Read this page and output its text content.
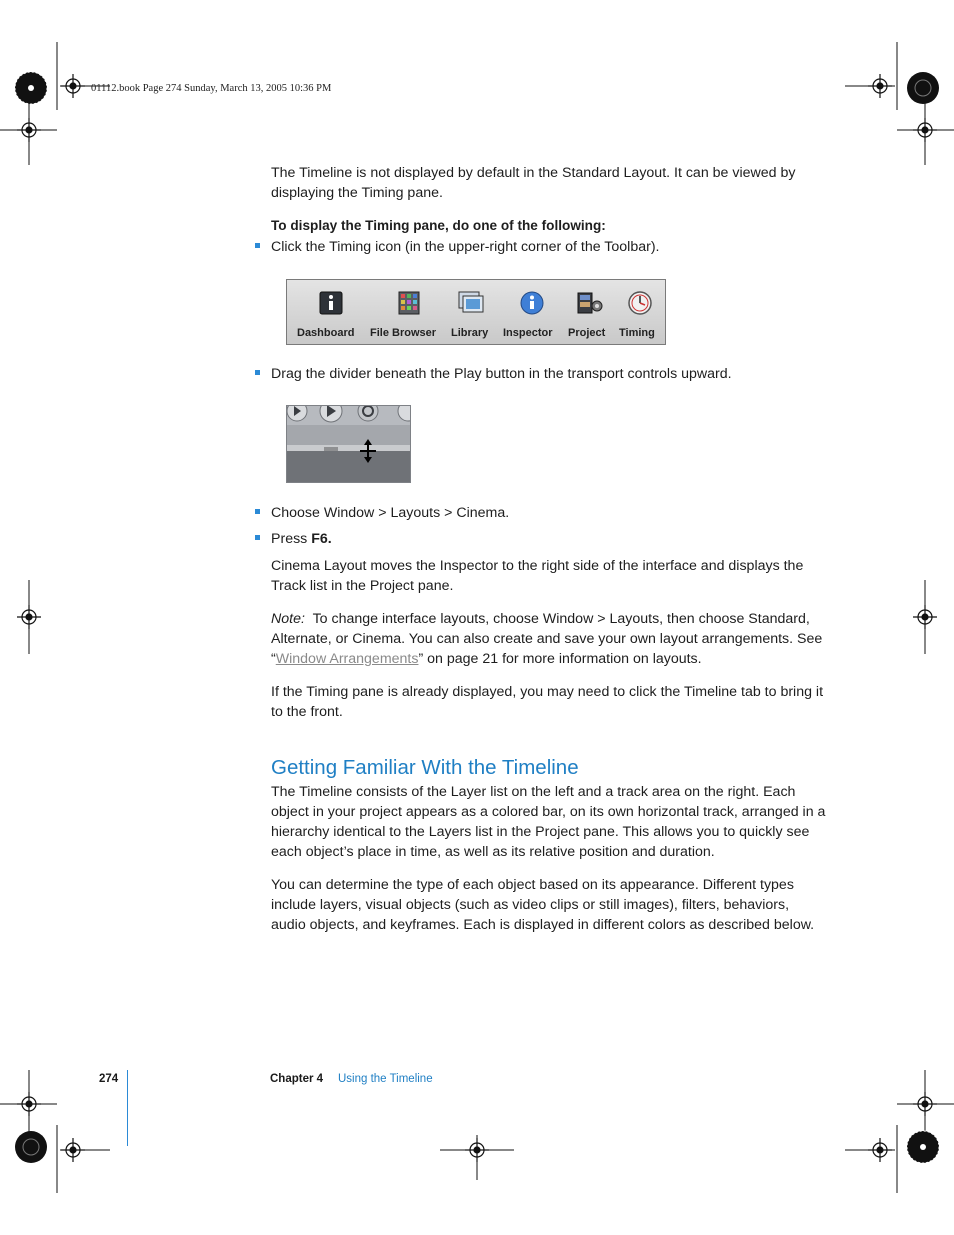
01112.book Page 274 Sunday, March 13, 2005 10:36 PM
The Timeline is not displayed by default in the Standard Layout. It can be viewed by displaying the Timing pane.
To display the Timing pane, do one of the following:
Click the Timing icon (in the upper-right corner of the Toolbar).
Dashboard File Browser Library Inspector Project Timing
Drag the divider beneath the Play button in the transport controls upward.
Choose Window > Layouts > Cinema.
Press F6.
Cinema Layout moves the Inspector to the right side of the interface and displays the Track list in the Project pane.
Note: To change interface layouts, choose Window > Layouts, then choose Standard, Alternate, or Cinema. You can also create and save your own layout arrangements. See “Window Arrangements” on page 21 for more information on layouts.
If the Timing pane is already displayed, you may need to click the Timeline tab to bring it to the front.
Getting Familiar With the Timeline
The Timeline consists of the Layer list on the left and a track area on the right. Each object in your project appears as a colored bar, on its own horizontal track, arranged in a hierarchy identical to the Layers list in the Project pane. This allows you to quickly see each object’s place in time, as well as its relative position and duration.
You can determine the type of each object based on its appearance. Different types include layers, visual objects (such as video clips or still images), filters, behaviors, audio objects, and keyframes. Each is displayed in different colors as described below.
274	Chapter 4 Using the Timeline
